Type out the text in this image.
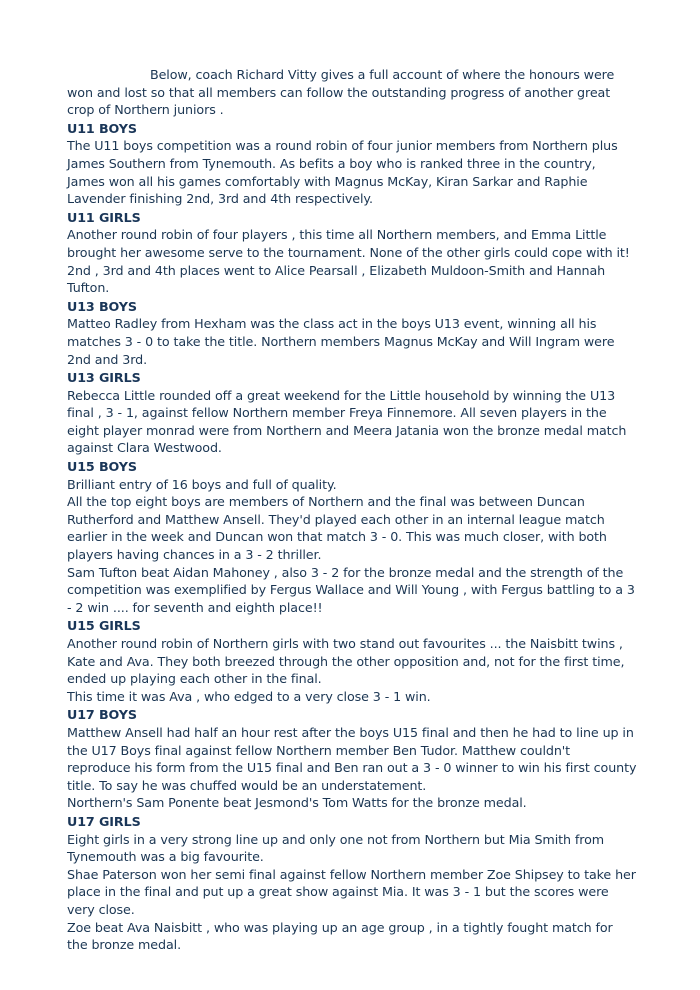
Below, coach Richard Vitty gives a full account of where the honours were won and lost so that all members can follow the outstanding progress of another great crop of Northern juniors .

U11 BOYS

The U11 boys competition was a round robin of four junior members from Northern plus James Southern from Tynemouth. As befits a boy who is ranked three in the country, James won all his games comfortably with Magnus McKay, Kiran Sarkar and Raphie Lavender finishing 2nd, 3rd and 4th respectively.

U11 GIRLS

Another round robin of four players , this time all Northern members, and Emma Little brought her awesome serve to the tournament. None of the other girls could cope with it!

2nd , 3rd and 4th places went to Alice Pearsall , Elizabeth Muldoon-Smith and Hannah Tufton.

U13 BOYS

Matteo Radley from Hexham was the class act in the boys U13 event, winning all his matches 3 - 0 to take the title. Northern members Magnus McKay and Will Ingram were 2nd and 3rd.

U13 GIRLS

Rebecca Little rounded off a great weekend for the Little household by winning the U13 final , 3 - 1, against fellow Northern member Freya Finnemore. All seven players in the eight player monrad were from Northern and Meera Jatania won the bronze medal match against Clara Westwood.

U15 BOYS

Brilliant entry of 16 boys and full of quality.

All the top eight boys are members of Northern and the final was between Duncan Rutherford and Matthew Ansell. They'd played each other in an internal league match earlier in the week and Duncan won that match 3 - 0. This was much closer, with both players having chances in a 3 - 2 thriller.

Sam Tufton beat Aidan Mahoney , also 3 - 2 for the bronze medal and the strength of the competition was exemplified by Fergus Wallace and Will Young , with Fergus battling to a 3 - 2 win .... for seventh and eighth place!!

U15 GIRLS

Another round robin of Northern girls with two stand out favourites ... the Naisbitt twins , Kate and Ava. They both breezed through the other opposition and, not for the first time, ended up playing each other in the final.

This time it was Ava , who edged to a very close 3 - 1 win.

U17 BOYS

Matthew Ansell had half an hour rest after the boys U15 final and then he had to line up in the U17 Boys final against fellow Northern member Ben Tudor. Matthew couldn't reproduce his form from the U15 final and Ben ran out a 3 - 0 winner to win his first county title. To say he was chuffed would be an understatement.

Northern's Sam Ponente beat Jesmond's Tom Watts for the bronze medal.

U17 GIRLS

Eight girls in a very strong line up and only one not from Northern but Mia Smith from Tynemouth was a big favourite.

Shae Paterson won her semi final against fellow Northern member Zoe Shipsey to take her place in the final and put up a great show against Mia. It was 3 - 1 but the scores were very close.

Zoe beat Ava Naisbitt , who was playing up an age group , in a tightly fought match for the bronze medal.
